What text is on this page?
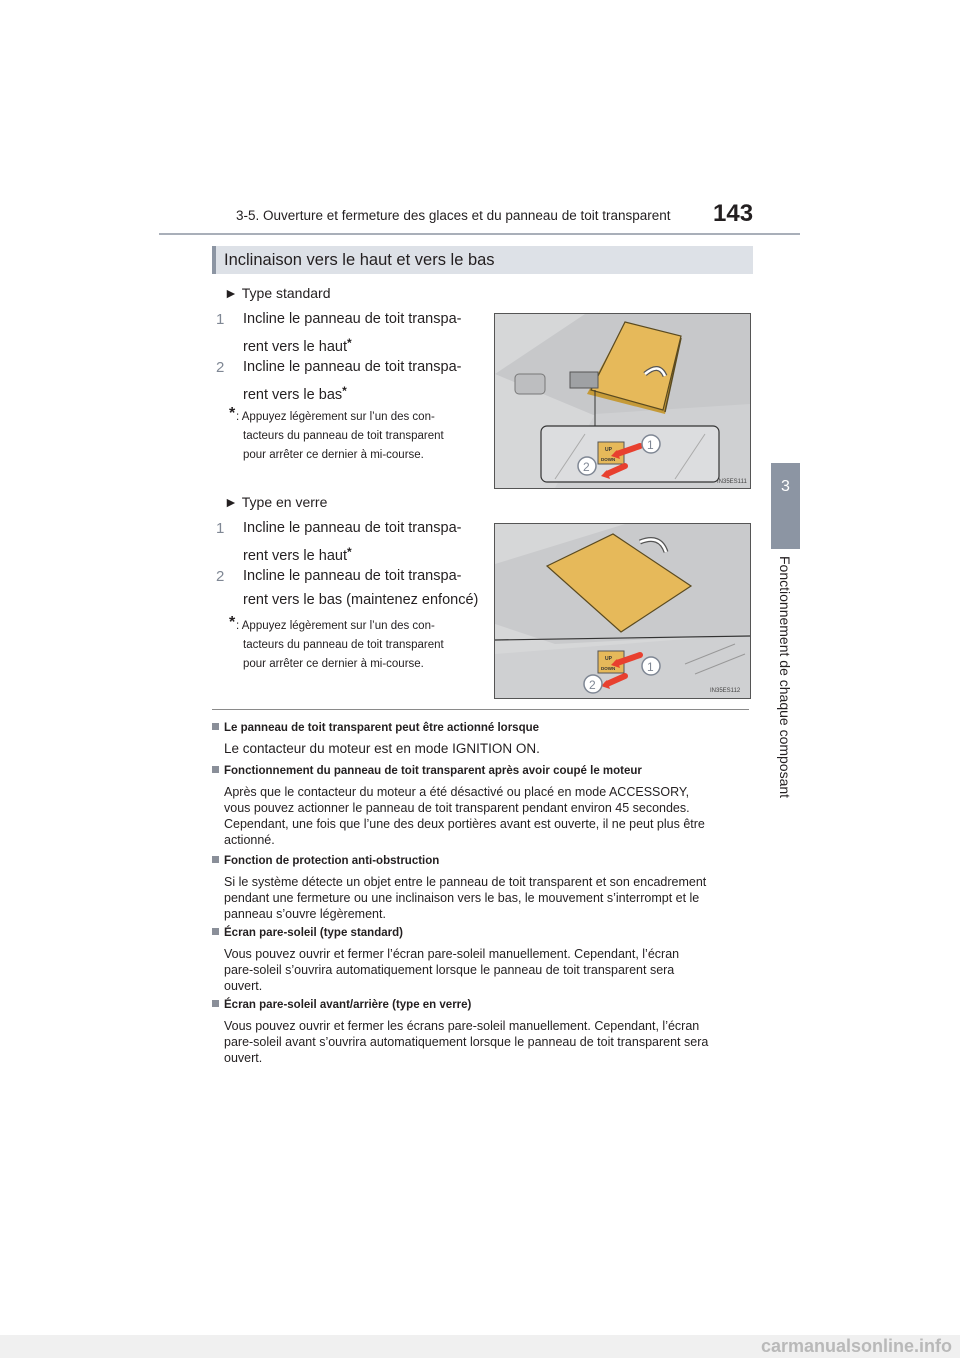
3-5. Ouverture et fermeture des glaces et du panneau de toit transparent 143
3
Fonctionnement de chaque composant
Inclinaison vers le haut et vers le bas
► Type standard
1 Incline le panneau de toit transpa-
rent vers le haut*
2 Incline le panneau de toit transpa-
rent vers le bas*
* : Appuyez légèrement sur l’un des con-
tacteurs du panneau de toit transparent
pour arrêter ce dernier à mi-course.	UP
DOWN
1
2
IN35ES111
► Type en verre
1 Incline le panneau de toit transpa-
rent vers le haut*
2 Incline le panneau de toit transpa-
rent vers le bas (maintenez enfoncé)
* : Appuyez légèrement sur l’un des con-
tacteurs du panneau de toit transparent
pour arrêter ce dernier à mi-course.	UP
DOWN	1
2	IN35ES112
Le panneau de toit transparent peut être actionné lorsque
Le contacteur du moteur est en mode IGNITION ON.
Fonctionnement du panneau de toit transparent après avoir coupé le moteur
Après que le contacteur du moteur a été désactivé ou placé en mode ACCESSORY,
vous pouvez actionner le panneau de toit transparent pendant environ 45 secondes.
Cependant, une fois que l’une des deux portières avant est ouverte, il ne peut plus être
actionné.
Fonction de protection anti-obstruction
Si le système détecte un objet entre le panneau de toit transparent et son encadrement
pendant une fermeture ou une inclinaison vers le bas, le mouvement s’interrompt et le
panneau s’ouvre légèrement.
Écran pare-soleil (type standard)
Vous pouvez ouvrir et fermer l’écran pare-soleil manuellement. Cependant, l’écran
pare-soleil s’ouvrira automatiquement lorsque le panneau de toit transparent sera
ouvert.
Écran pare-soleil avant/arrière (type en verre)
Vous pouvez ouvrir et fermer les écrans pare-soleil manuellement. Cependant, l’écran
pare-soleil avant s’ouvrira automatiquement lorsque le panneau de toit transparent sera
ouvert.
carmanualsonline.info
